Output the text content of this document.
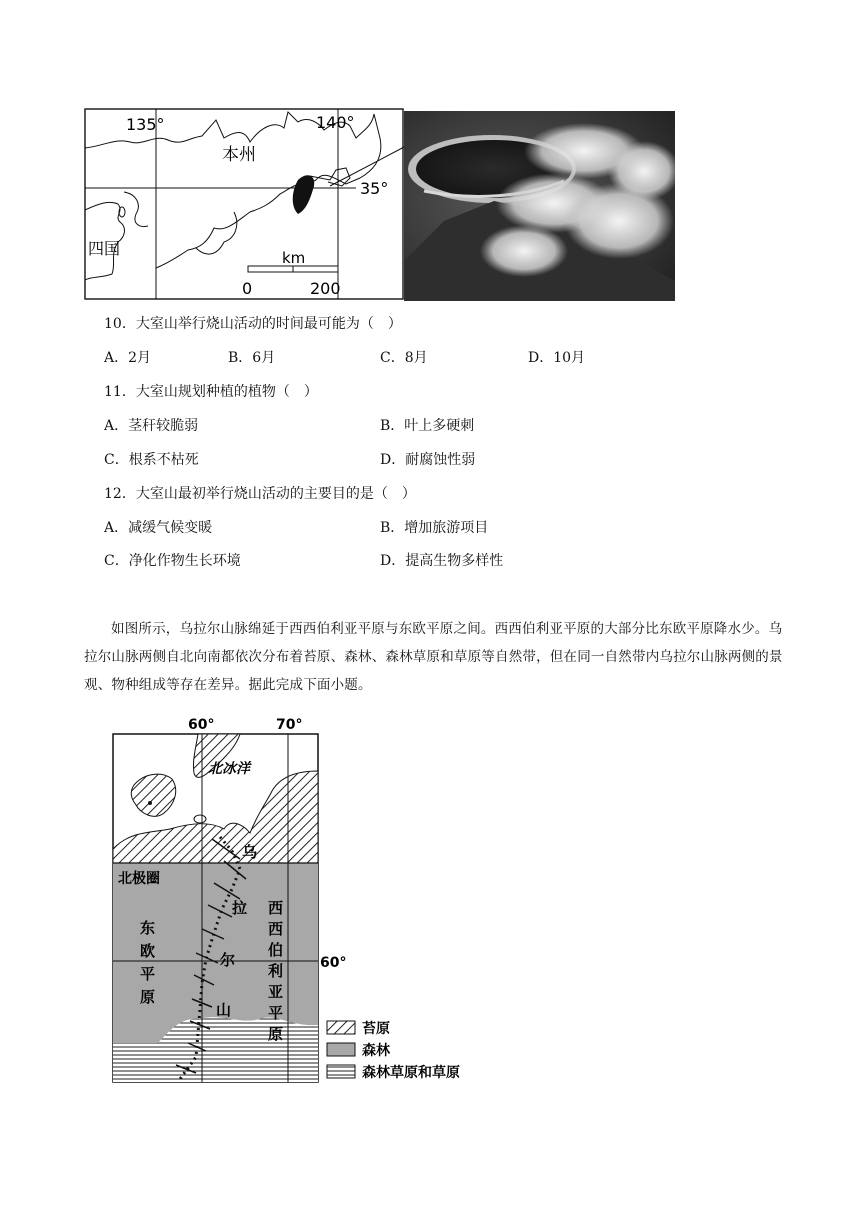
135°	140°
35°
本州
四国	km
0	200
10．大室山举行烧山活动的时间最可能为（　）
A．2月	B．6月	C．8月	D．10月
11．大室山规划种植的植物（　）
A．茎秆较脆弱	B．叶上多硬刺
C．根系不枯死	D．耐腐蚀性弱
12．大室山最初举行烧山活动的主要目的是（　）
A．减缓气候变暖	B．增加旅游项目
C．净化作物生长环境	D．提高生物多样性
如图所示，乌拉尔山脉绵延于西西伯利亚平原与东欧平原之间。西西伯利亚平原的大部分比东欧平原降水少。乌拉尔山脉两侧自北向南都依次分布着苔原、森林、森林草原和草原等自然带，但在同一自然带内乌拉尔山脉两侧的景观、物种组成等存在差异。据此完成下面小题。
60°	70°
60°
北冰洋
北极圈
东
欧
平
原
西
西
伯
利
亚
平
原
乌
拉
尔
山
苔原
森林
森林草原和草原
